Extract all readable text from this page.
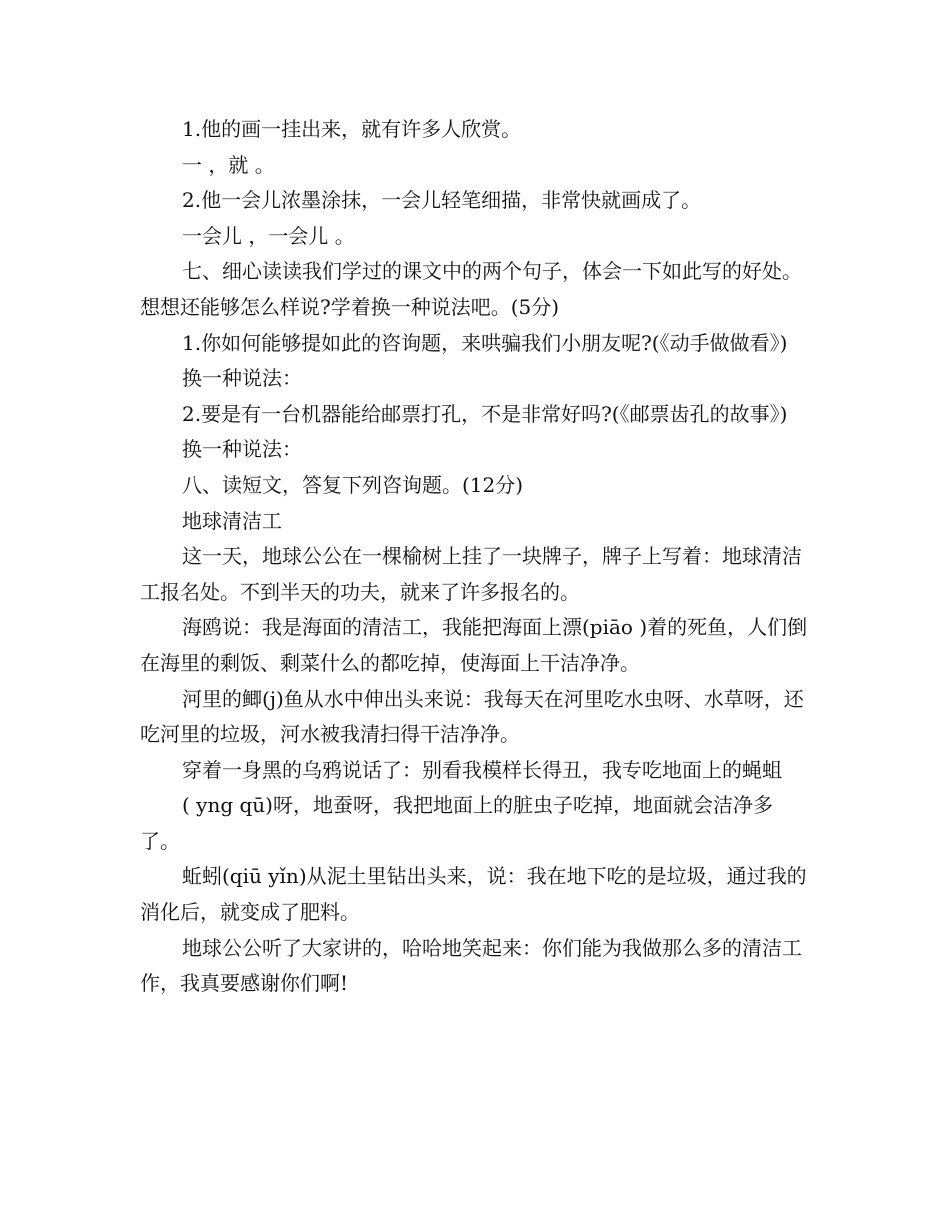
1.他的画一挂出来，就有许多人欣赏。

一 ，就 。

2.他一会儿浓墨涂抹，一会儿轻笔细描，非常快就画成了。

一会儿 ，一会儿 。

七、细心读读我们学过的课文中的两个句子，体会一下如此写的好处。想想还能够怎么样说?学着换一种说法吧。(5分)

1.你如何能够提如此的咨询题，来哄骗我们小朋友呢?(《动手做做看》)

换一种说法：

2.要是有一台机器能给邮票打孔，不是非常好吗?(《邮票齿孔的故事》)

换一种说法：

八、读短文，答复下列咨询题。(12分)

地球清洁工

这一天，地球公公在一棵榆树上挂了一块牌子，牌子上写着：地球清洁工报名处。不到半天的功夫，就来了许多报名的。

海鸥说：我是海面的清洁工，我能把海面上漂(piāo )着的死鱼，人们倒在海里的剩饭、剩菜什么的都吃掉，使海面上干洁净净。

河里的鲫(j)鱼从水中伸出头来说：我每天在河里吃水虫呀、水草呀，还吃河里的垃圾，河水被我清扫得干洁净净。

穿着一身黑的乌鸦说话了：别看我模样长得丑，我专吃地面上的蝇蛆

( yng qū)呀，地蚕呀，我把地面上的脏虫子吃掉，地面就会洁净多了。

蚯蚓(qiū yǐn)从泥土里钻出头来，说：我在地下吃的是垃圾，通过我的消化后，就变成了肥料。

地球公公听了大家讲的，哈哈地笑起来：你们能为我做那么多的清洁工作，我真要感谢你们啊!
